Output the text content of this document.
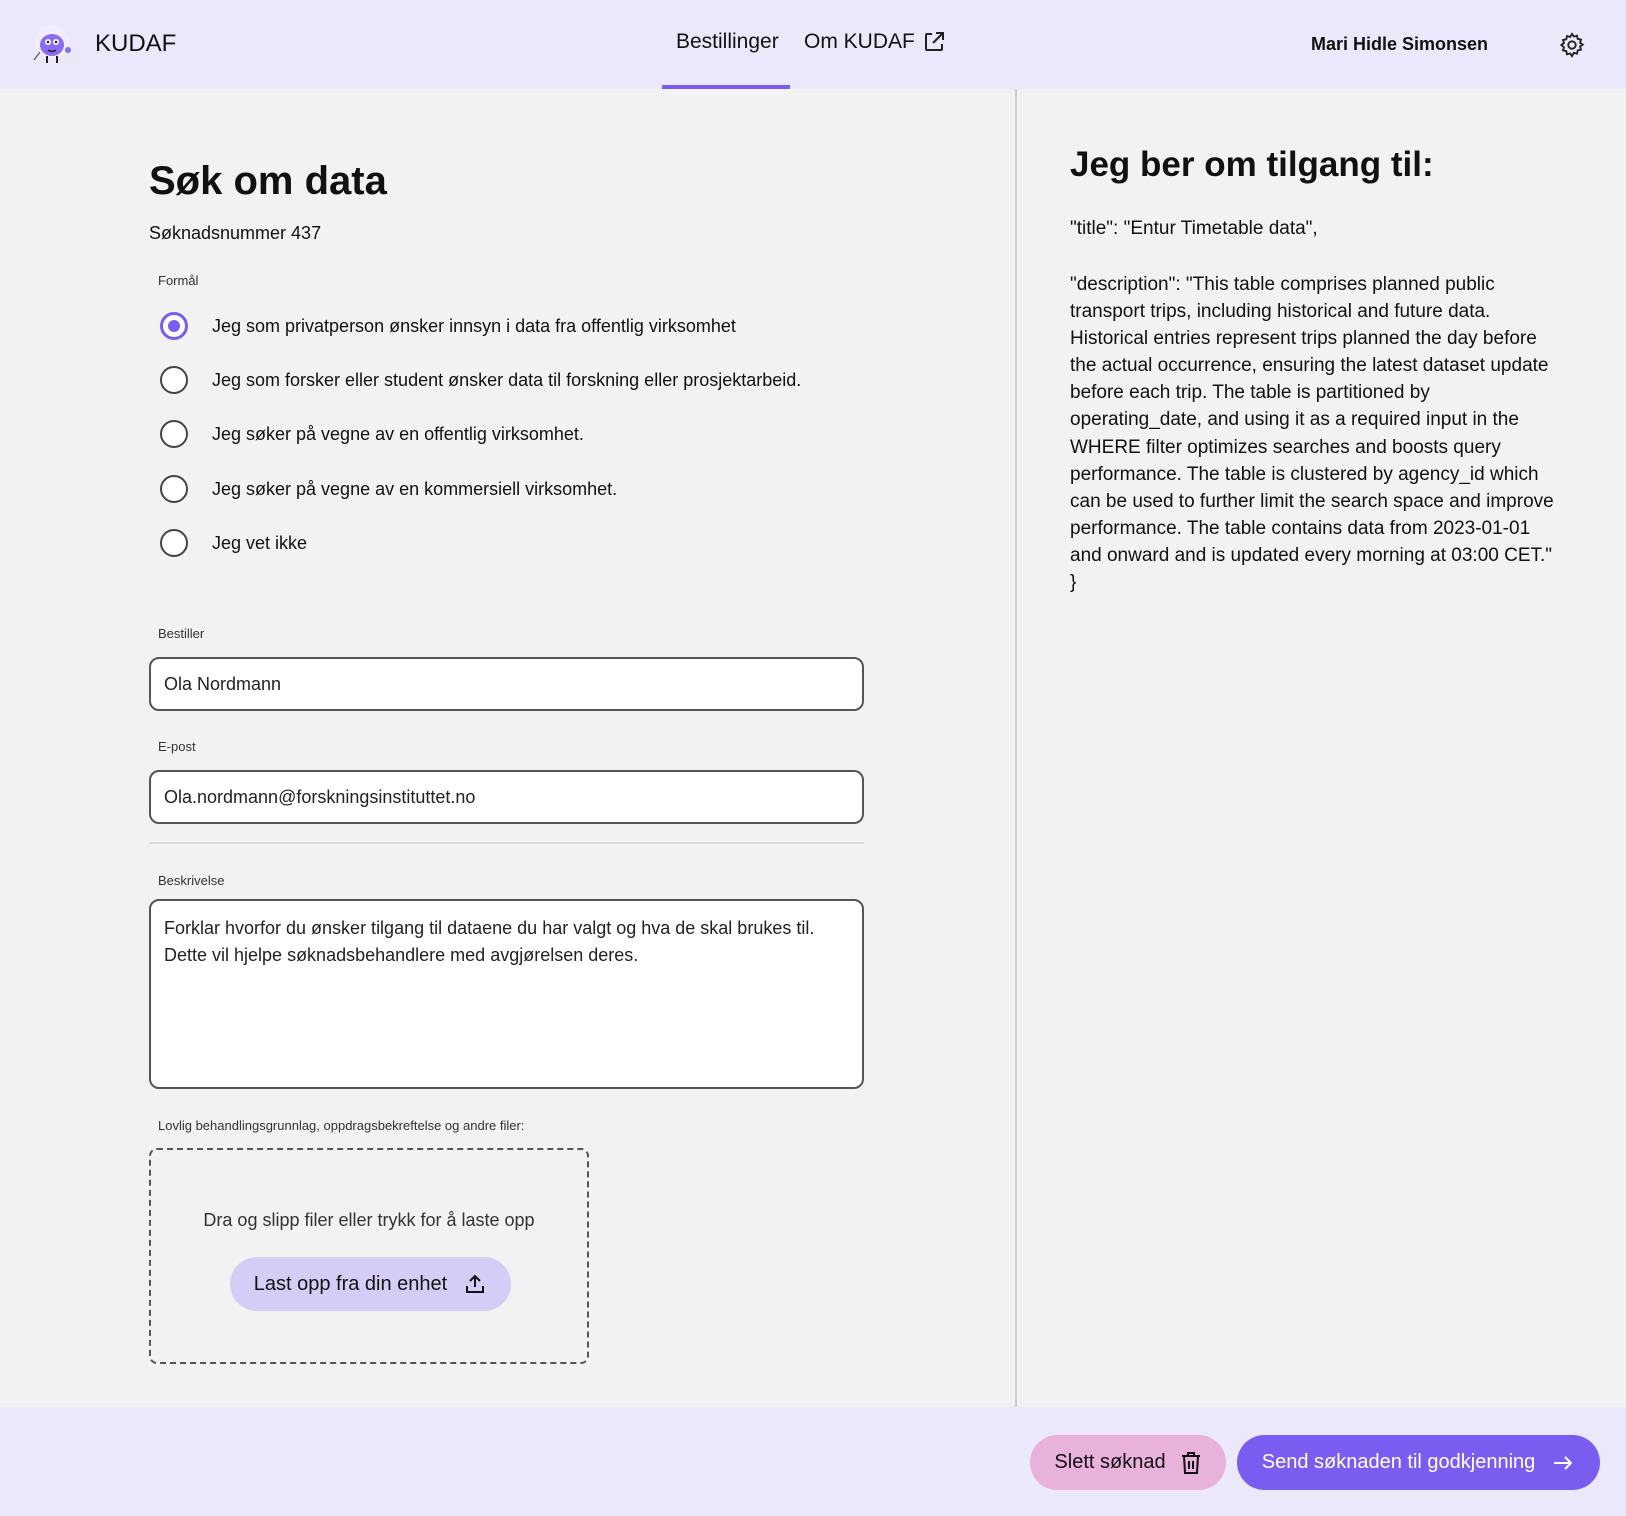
KUDAF	Bestillinger Om KUDAF	Mari Hidle Simonsen
Søk om data
Søknadsnummer 437
Formål
Jeg som privatperson ønsker innsyn i data fra offentlig virksomhet
Jeg som forsker eller student ønsker data til forskning eller prosjektarbeid.
Jeg søker på vegne av en offentlig virksomhet.
Jeg søker på vegne av en kommersiell virksomhet.
Jeg vet ikke
Bestiller
Ola Nordmann
E-post
Ola.nordmann@forskningsinstituttet.no
Beskrivelse
Forklar hvorfor du ønsker tilgang til dataene du har valgt og hva de skal brukes til. Dette vil hjelpe søknadsbehandlere med avgjørelsen deres.
Lovlig behandlingsgrunnlag, oppdragsbekreftelse og andre filer:
Dra og slipp filer eller trykk for å laste opp
Last opp fra din enhet
Jeg ber om tilgang til:
"title": "Entur Timetable data",
"description": "This table comprises planned public transport trips, including historical and future data. Historical entries represent trips planned the day before the actual occurrence, ensuring the latest dataset update before each trip. The table is partitioned by operating_date, and using it as a required input in the WHERE filter optimizes searches and boosts query performance. The table is clustered by agency_id which can be used to further limit the search space and improve performance. The table contains data from 2023-01-01 and onward and is updated every morning at 03:00 CET." }
Slett søknad	Send søknaden til godkjenning
